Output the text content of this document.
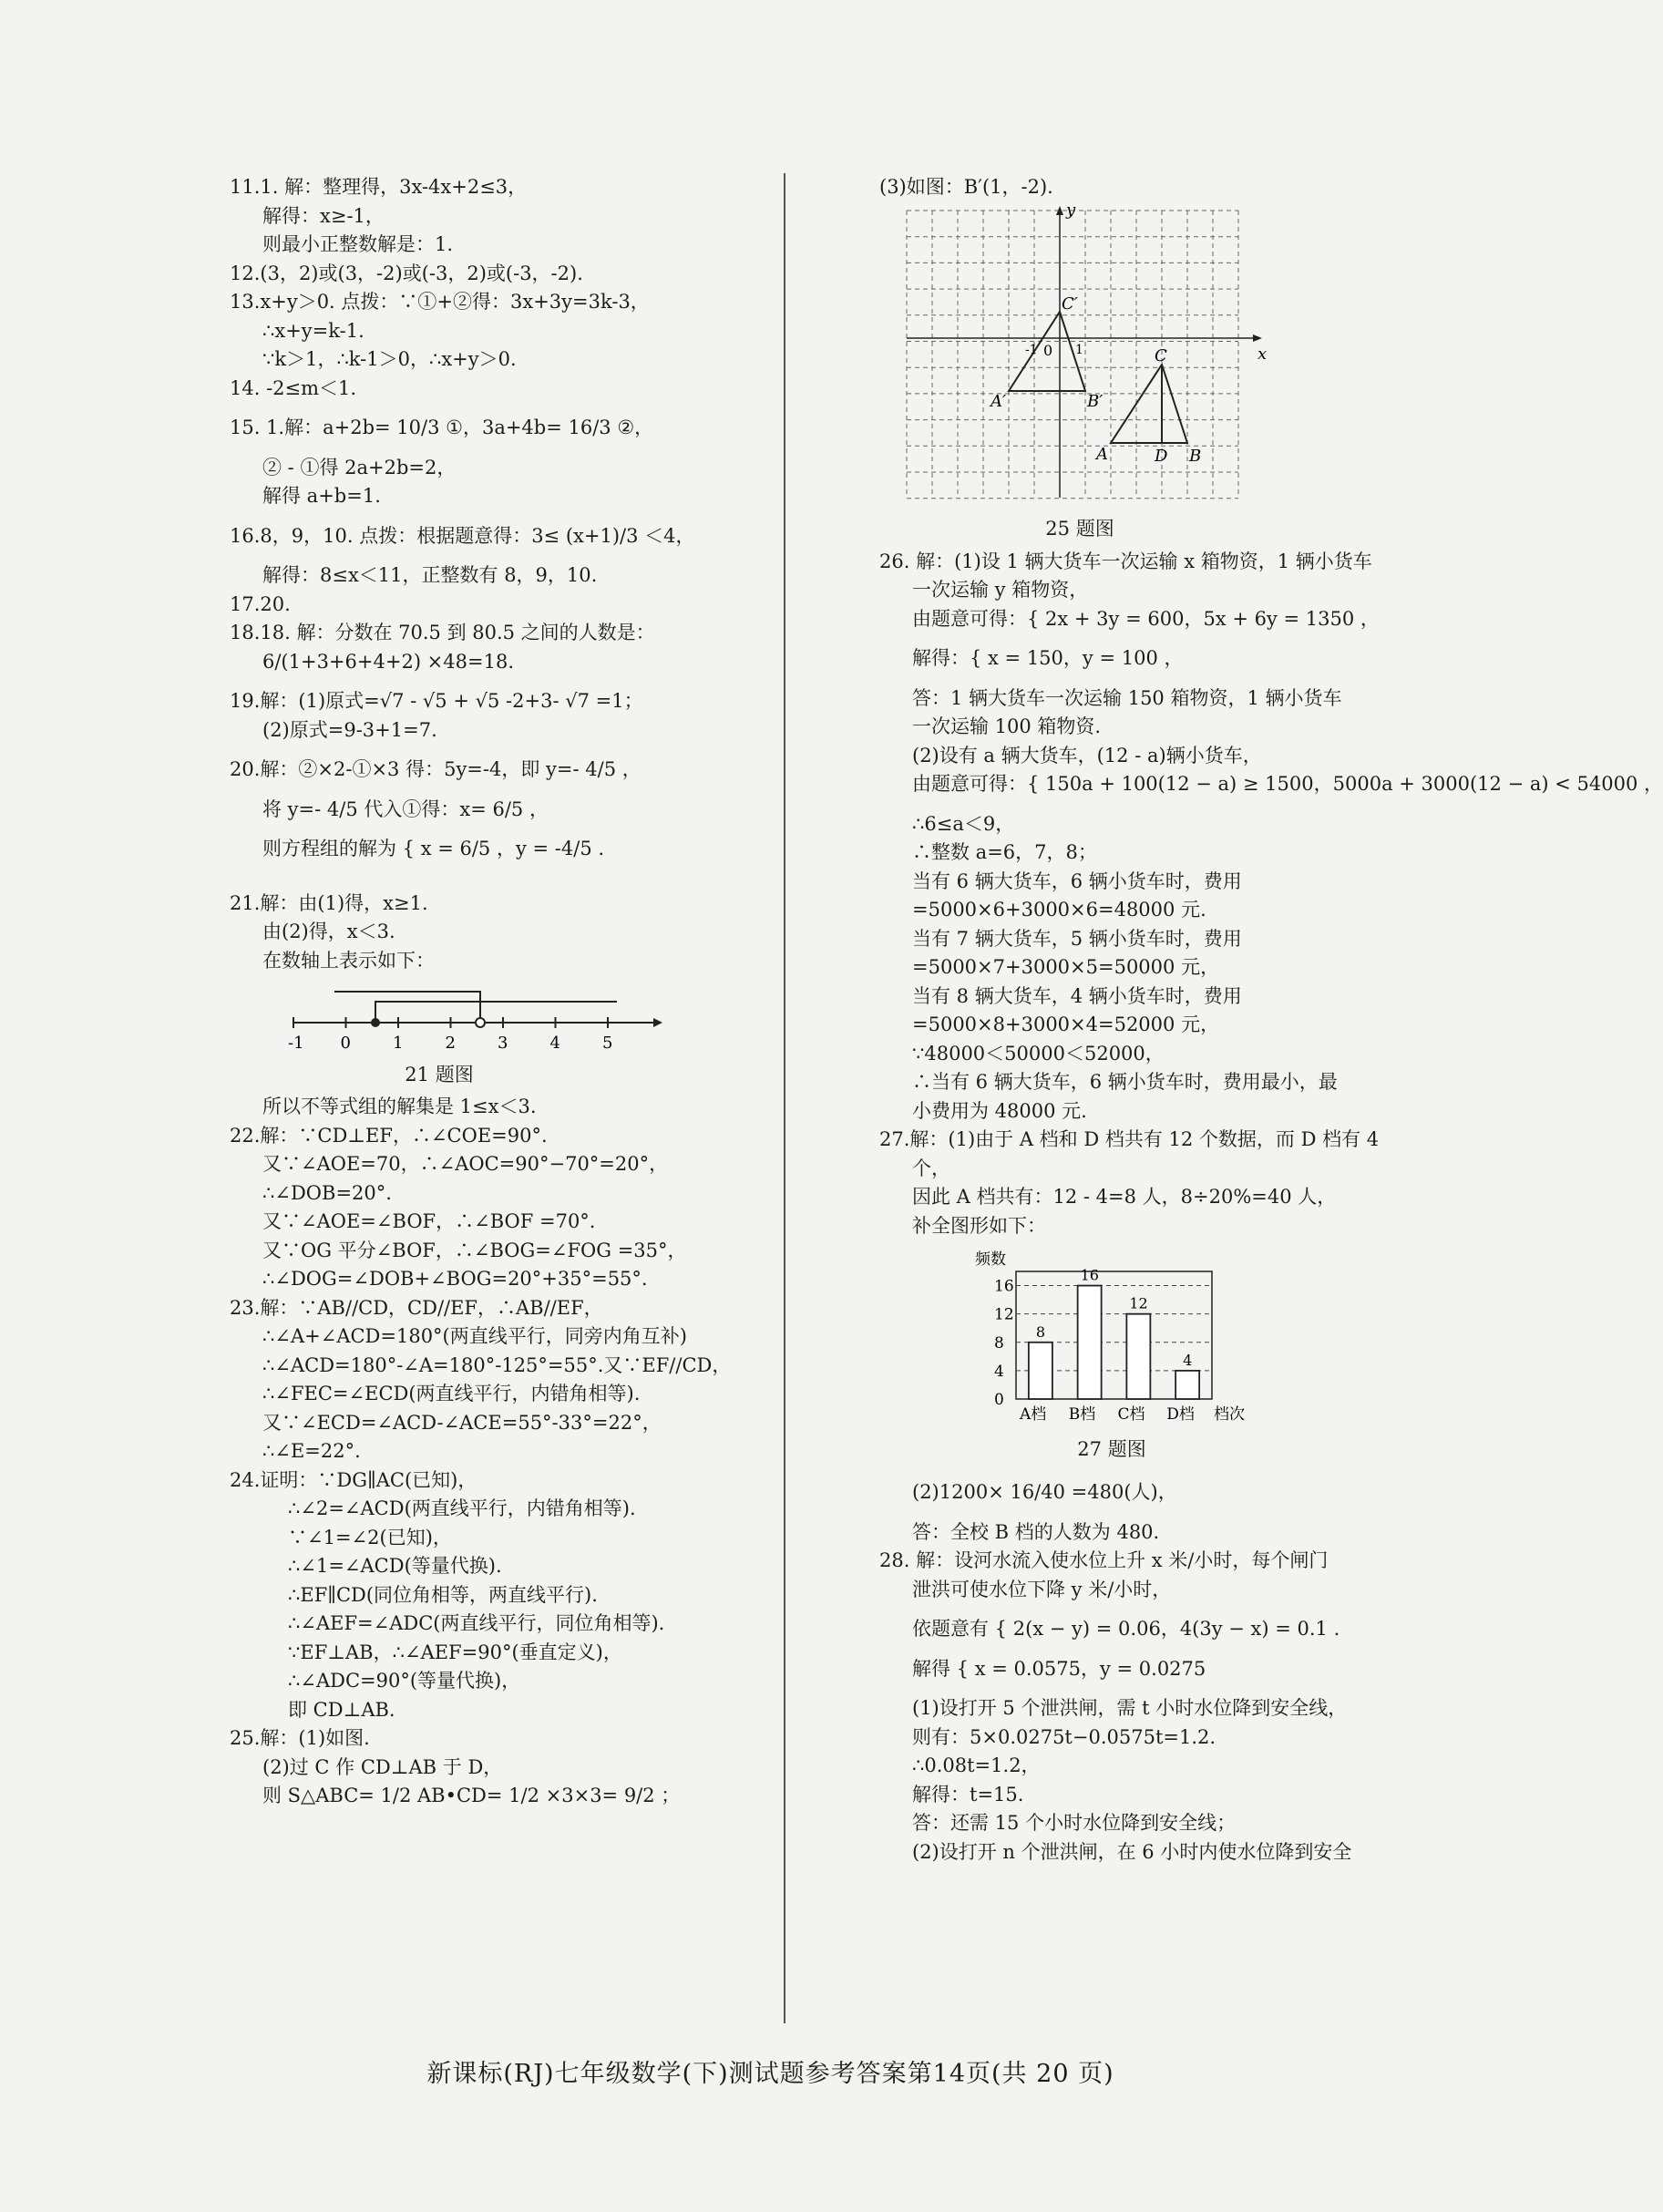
11.1. 解：整理得，3x-4x+2≤3，
解得：x≥-1，
则最小正整数解是：1.
12.(3，2)或(3，-2)或(-3，2)或(-3，-2).
13.x+y＞0. 点拨：∵①+②得：3x+3y=3k-3，
∴x+y=k-1.
∵k＞1，∴k-1＞0，∴x+y＞0.
14. -2≤m＜1.
15. 1.解：a+2b= 10/3 ①，3a+4b= 16/3 ②，
② - ①得 2a+2b=2，
解得 a+b=1.
16.8，9，10. 点拨：根据题意得：3≤ (x+1)/3 ＜4，
解得：8≤x＜11，正整数有 8，9，10.
17.20.
18.18. 解：分数在 70.5 到 80.5 之间的人数是：
6/(1+3+6+4+2) ×48=18.
19.解：(1)原式=√7 - √5 + √5 -2+3- √7 =1；
(2)原式=9-3+1=7.
20.解：②×2-①×3 得：5y=-4，即 y=- 4/5 ，
将 y=- 4/5 代入①得：x= 6/5 ，
则方程组的解为 { x = 6/5 ，y = -4/5 .
21.解：由(1)得，x≥1.
由(2)得，x＜3.
在数轴上表示如下：
-1 0	1	2	3	4	5
21 题图
所以不等式组的解集是 1≤x＜3.
22.解：∵CD⊥EF，∴∠COE=90°.
又∵∠AOE=70，∴∠AOC=90°−70°=20°，
∴∠DOB=20°.
又∵∠AOE=∠BOF，∴∠BOF =70°.
又∵OG 平分∠BOF，∴∠BOG=∠FOG =35°，
∴∠DOG=∠DOB+∠BOG=20°+35°=55°.
23.解：∵AB//CD，CD//EF，∴AB//EF，
∴∠A+∠ACD=180°(两直线平行，同旁内角互补)
∴∠ACD=180°-∠A=180°-125°=55°.又∵EF//CD，
∴∠FEC=∠ECD(两直线平行，内错角相等).
又∵∠ECD=∠ACD-∠ACE=55°-33°=22°，
∴∠E=22°.
24.证明：∵DG∥AC(已知)，
∴∠2=∠ACD(两直线平行，内错角相等).
∵∠1=∠2(已知)，
∴∠1=∠ACD(等量代换).
∴EF∥CD(同位角相等，两直线平行).
∴∠AEF=∠ADC(两直线平行，同位角相等).
∵EF⊥AB，∴∠AEF=90°(垂直定义)，
∴∠ADC=90°(等量代换)，
即 CD⊥AB.
25.解：(1)如图.
(2)过 C 作 CD⊥AB 于 D，
则 S△ABC= 1/2 AB•CD= 1/2 ×3×3= 9/2 ；
(3)如图：B′(1，-2).
y
x
0
-1	1
C′
A′	B′
A
C
D B
25 题图
26. 解：(1)设 1 辆大货车一次运输 x 箱物资，1 辆小货车
一次运输 y 箱物资，
由题意可得：{ 2x + 3y = 600，5x + 6y = 1350 ，
解得：{ x = 150，y = 100 ，
答：1 辆大货车一次运输 150 箱物资，1 辆小货车
一次运输 100 箱物资.
(2)设有 a 辆大货车，(12 - a)辆小货车，
由题意可得：{ 150a + 100(12 − a) ≥ 1500，5000a + 3000(12 − a) < 54000 ，
∴6≤a＜9，
∴整数 a=6，7，8；
当有 6 辆大货车，6 辆小货车时，费用
=5000×6+3000×6=48000 元.
当有 7 辆大货车，5 辆小货车时，费用
=5000×7+3000×5=50000 元，
当有 8 辆大货车，4 辆小货车时，费用
=5000×8+3000×4=52000 元，
∵48000＜50000＜52000，
∴当有 6 辆大货车，6 辆小货车时，费用最小，最
小费用为 48000 元.
27.解：(1)由于 A 档和 D 档共有 12 个数据，而 D 档有 4
个，
因此 A 档共有：12 - 4=8 人，8÷20%=40 人，
补全图形如下：
0
4
8
12
16
频数
8
A档
16
B档
12
C档
4
D档 档次
27 题图
(2)1200× 16/40 =480(人)，
答：全校 B 档的人数为 480.
28. 解：设河水流入使水位上升 x 米/小时，每个闸门
泄洪可使水位下降 y 米/小时，
依题意有 { 2(x − y) = 0.06，4(3y − x) = 0.1 .
解得 { x = 0.0575，y = 0.0275
(1)设打开 5 个泄洪闸，需 t 小时水位降到安全线，
则有：5×0.0275t−0.0575t=1.2.
∴0.08t=1.2，
解得：t=15.
答：还需 15 个小时水位降到安全线；
(2)设打开 n 个泄洪闸，在 6 小时内使水位降到安全
新课标(RJ)七年级数学(下)测试题参考答案第14页(共 20 页)
